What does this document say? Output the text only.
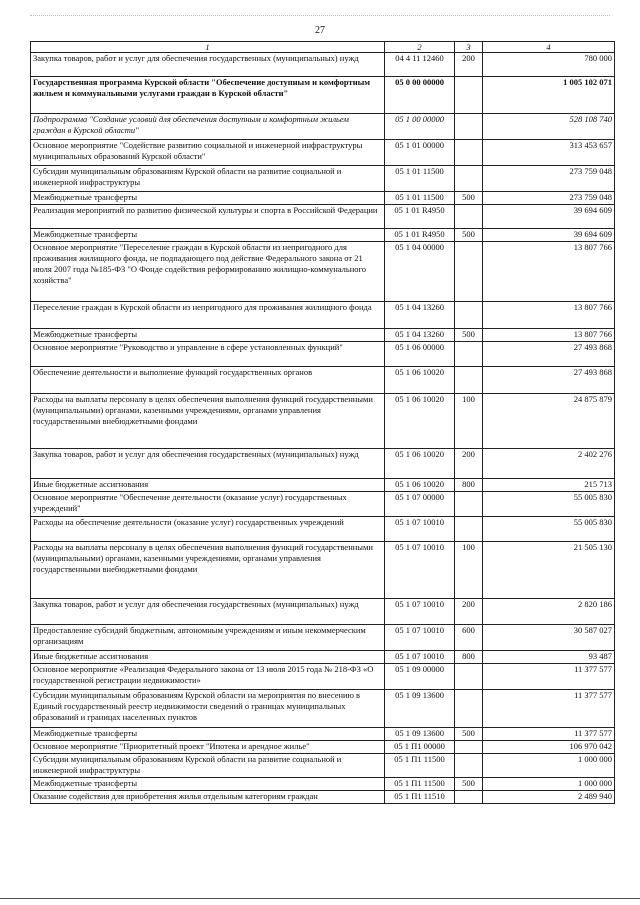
27
1	2	3	4
Закупка товаров, работ и услуг для обеспечения государственных (муниципальных) нужд	04 4 11 12460	200	780 000
Государственная программа Курской области "Обеспечение доступным и комфортным жильем и коммунальными услугами граждан в Курской области"	05 0 00 00000		1 005 102 071
Подпрограмма "Создание условий для обеспечения доступным и комфортным жильем граждан в Курской области"	05 1 00 00000		528 108 740
Основное мероприятие "Содействие развитию социальной и инженерной инфраструктуры муниципальных образований Курской области"	05 1 01 00000		313 453 657
Субсидии муниципальным образованиям Курской области на развитие социальной и инженерной инфраструктуры	05 1 01 11500		273 759 048
Межбюджетные трансферты	05 1 01 11500	500	273 759 048
Реализация мероприятий по развитию физической культуры и спорта в Российской Федерации	05 1 01 R4950		39 694 609
Межбюджетные трансферты	05 1 01 R4950	500	39 694 609
Основное мероприятие "Переселение граждан в Курской области из непригодного для проживания жилищного фонда, не подпадающего под действие Федерального закона от 21 июля 2007 года №185-ФЗ "О Фонде содействия реформированию жилищно-коммунального хозяйства"	05 1 04 00000		13 807 766
Переселение граждан в Курской области из непригодного для проживания жилищного фонда	05 1 04 13260		13 807 766
Межбюджетные трансферты	05 1 04 13260	500	13 807 766
Основное мероприятие "Руководство и управление в сфере установленных функций"	05 1 06 00000		27 493 868
Обеспечение деятельности и выполнение функций государственных органов	05 1 06 10020		27 493 868
Расходы на выплаты персоналу в целях обеспечения выполнения функций государственными (муниципальными) органами, казенными учреждениями, органами управления государственными внебюджетными фондами	05 1 06 10020	100	24 875 879
Закупка товаров, работ и услуг для обеспечения государственных (муниципальных) нужд	05 1 06 10020	200	2 402 276
Иные бюджетные ассигнования	05 1 06 10020	800	215 713
Основное мероприятие "Обеспечение деятельности (оказание услуг) государственных учреждений"	05 1 07 00000		55 005 830
Расходы на обеспечение деятельности (оказание услуг) государственных учреждений	05 1 07 10010		55 005 830
Расходы на выплаты персоналу в целях обеспечения выполнения функций государственными (муниципальными) органами, казенными учреждениями, органами управления государственными внебюджетными фондами	05 1 07 10010	100	21 505 130
Закупка товаров, работ и услуг для обеспечения государственных (муниципальных) нужд	05 1 07 10010	200	2 820 186
Предоставление субсидий бюджетным, автономным учреждениям и иным некоммерческим организациям	05 1 07 10010	600	30 587 027
Иные бюджетные ассигнования	05 1 07 10010	800	93 487
Основное мероприятие «Реализация Федерального закона от 13 июля 2015 года № 218-ФЗ «О государственной регистрации недвижимости»	05 1 09 00000		11 377 577
Субсидии муниципальным образованиям Курской области на мероприятия по внесению в Единый государственный реестр недвижимости сведений о границах муниципальных образований и границах населенных пунктов	05 1 09 13600		11 377 577
Межбюджетные трансферты	05 1 09 13600	500	11 377 577
Основное мероприятие "Приоритетный проект "Ипотека и арендное жилье"	05 1 П1 00000		106 970 042
Субсидии муниципальным образованиям Курской области на развитие социальной и инженерной инфраструктуры	05 1 П1 11500		1 000 000
Межбюджетные трансферты	05 1 П1 11500	500	1 000 000
Оказание содействия для приобретения жилья отдельным категориям граждан	05 1 П1 11510		2 489 940
